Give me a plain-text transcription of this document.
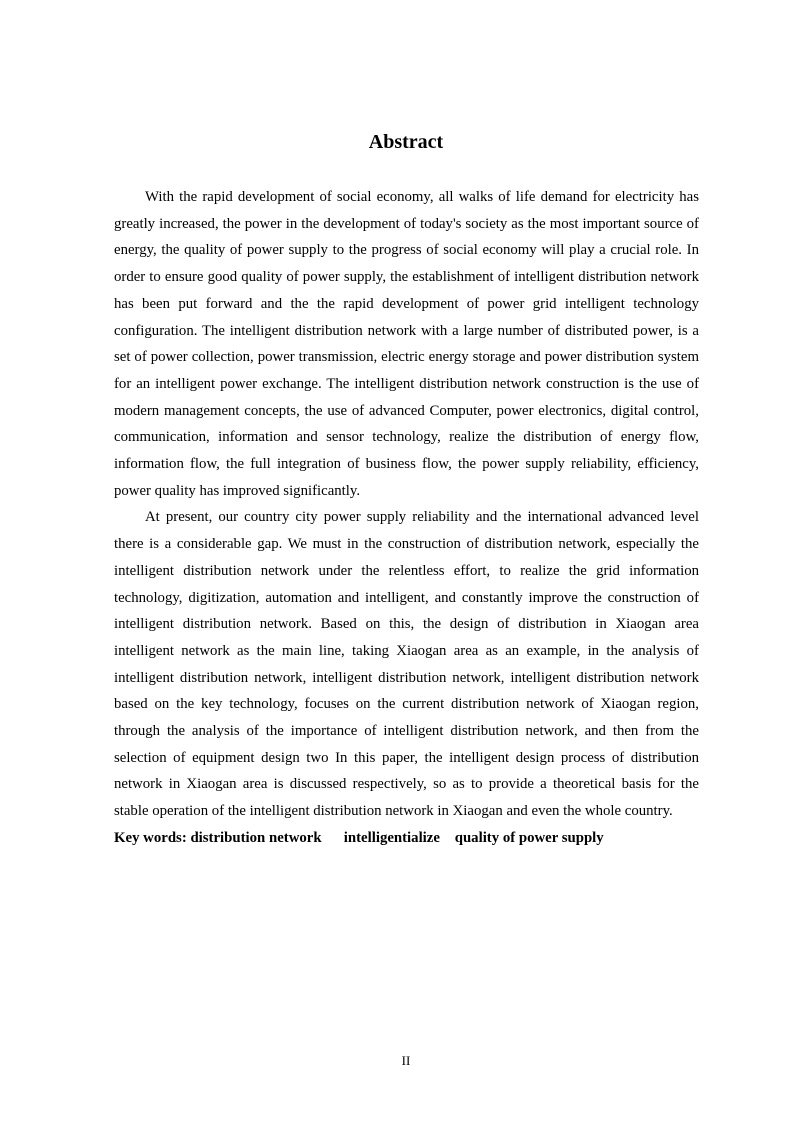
Abstract

With the rapid development of social economy, all walks of life demand for electricity has greatly increased, the power in the development of today's society as the most important source of energy, the quality of power supply to the progress of social economy will play a crucial role. In order to ensure good quality of power supply, the establishment of intelligent distribution network has been put forward and the the rapid development of power grid intelligent technology configuration. The intelligent distribution network with a large number of distributed power, is a set of power collection, power transmission, electric energy storage and power distribution system for an intelligent power exchange. The intelligent distribution network construction is the use of modern management concepts, the use of advanced Computer, power electronics, digital control, communication, information and sensor technology, realize the distribution of energy flow, information flow, the full integration of business flow, the power supply reliability, efficiency, power quality has improved significantly.

At present, our country city power supply reliability and the international advanced level there is a considerable gap. We must in the construction of distribution network, especially the intelligent distribution network under the relentless effort, to realize the grid information technology, digitization, automation and intelligent, and constantly improve the construction of intelligent distribution network. Based on this, the design of distribution in Xiaogan area intelligent network as the main line, taking Xiaogan area as an example, in the analysis of intelligent distribution network, intelligent distribution network, intelligent distribution network based on the key technology, focuses on the current distribution network of Xiaogan region, through the analysis of the importance of intelligent distribution network, and then from the selection of equipment design two In this paper, the intelligent design process of distribution network in Xiaogan area is discussed respectively, so as to provide a theoretical basis for the stable operation of the intelligent distribution network in Xiaogan and even the whole country.

Key words: distribution network      intelligentialize    quality of power supply

II
